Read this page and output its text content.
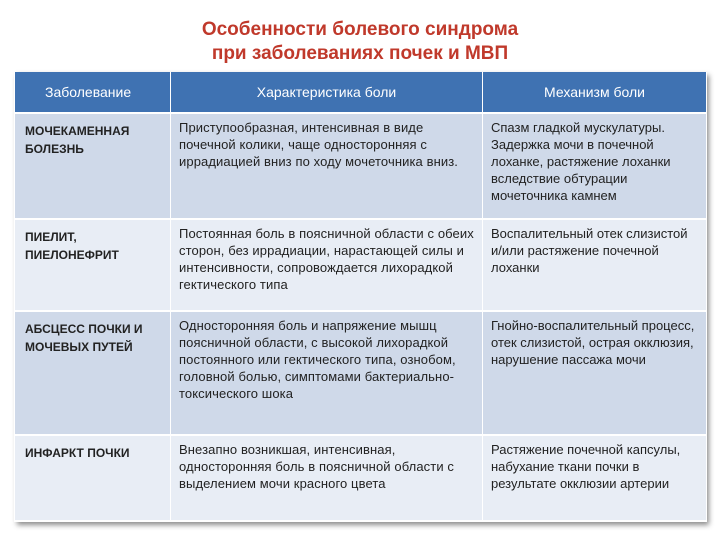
Особенности болевого синдрома
при заболеваниях почек и МВП
Заболевание	Характеристика боли	Механизм боли
МОЧЕКАМЕННАЯ БОЛЕЗНЬ	Приступообразная, интенсивная в виде почечной колики, чаще односторонняя с иррадиацией вниз по ходу мочеточника вниз.	Спазм гладкой мускулатуры. Задержка мочи в почечной лоханке, растяжение лоханки вследствие обтурации мочеточника камнем
ПИЕЛИТ, ПИЕЛОНЕФРИТ	Постоянная боль в поясничной области с обеих сторон, без иррадиации, нарастающей силы и интенсивности, сопровождается лихорадкой гектического типа	Воспалительный отек слизистой и/или растяжение почечной лоханки
АБСЦЕСС ПОЧКИ И МОЧЕВЫХ ПУТЕЙ	Односторонняя боль и напряжение мышц поясничной области, с высокой лихорадкой постоянного или гектического типа, ознобом, головной болью, симптомами бактериально-токсического шока	Гнойно-воспалительный процесс, отек слизистой, острая окклюзия, нарушение пассажа мочи
ИНФАРКТ ПОЧКИ	Внезапно возникшая, интенсивная, односторонняя боль в поясничной области с выделением мочи красного цвета	Растяжение почечной капсулы, набухание ткани почки в результате окклюзии артерии
